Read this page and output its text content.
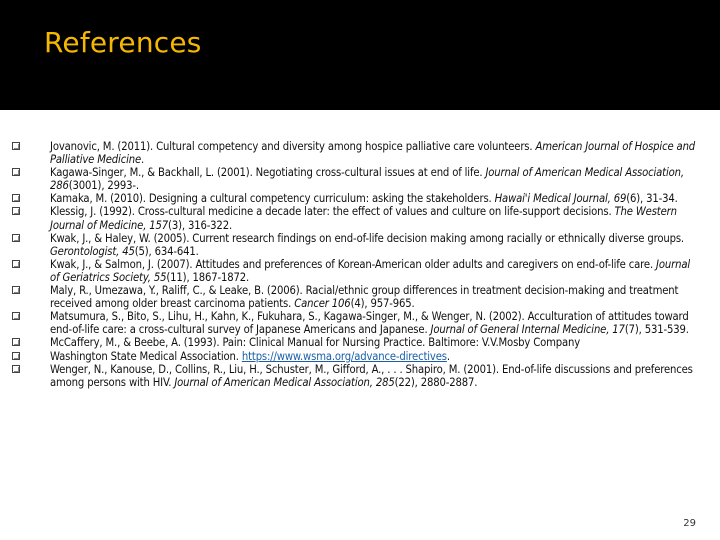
References
Jovanovic, M. (2011). Cultural competency and diversity among hospice palliative care volunteers. American Journal of Hospice and Palliative Medicine.
Kagawa-Singer, M., & Backhall, L. (2001). Negotiating cross-cultural issues at end of life. Journal of American Medical Association, 286(3001), 2993-.
Kamaka, M. (2010). Designing a cultural competency curriculum: asking the stakeholders. Hawai'i Medical Journal, 69(6), 31-34.
Klessig, J. (1992). Cross-cultural medicine a decade later: the effect of values and culture on life-support decisions. The Western Journal of Medicine, 157(3), 316-322.
Kwak, J., & Haley, W. (2005). Current research findings on end-of-life decision making among racially or ethnically diverse groups. Gerontologist, 45(5), 634-641.
Kwak, J., & Salmon, J. (2007). Attitudes and preferences of Korean-American older adults and caregivers on end-of-life care. Journal of Geriatrics Society, 55(11), 1867-1872.
Maly, R., Umezawa, Y., Raliff, C., & Leake, B. (2006). Racial/ethnic group differences in treatment decision-making and treatment received among older breast carcinoma patients. Cancer 106(4), 957-965.
Matsumura, S., Bito, S., Lihu, H., Kahn, K., Fukuhara, S., Kagawa-Singer, M., & Wenger, N. (2002). Acculturation of attitudes toward end-of-life care: a cross-cultural survey of Japanese Americans and Japanese. Journal of General Internal Medicine, 17(7), 531-539.
McCaffery, M., & Beebe, A. (1993). Pain: Clinical Manual for Nursing Practice. Baltimore: V.V.Mosby Company
Washington State Medical Association. https://www.wsma.org/advance-directives.
Wenger, N., Kanouse, D., Collins, R., Liu, H., Schuster, M., Gifford, A., . . . Shapiro, M. (2001). End-of-life discussions and preferences among persons with HIV. Journal of American Medical Association, 285(22), 2880-2887.
29
